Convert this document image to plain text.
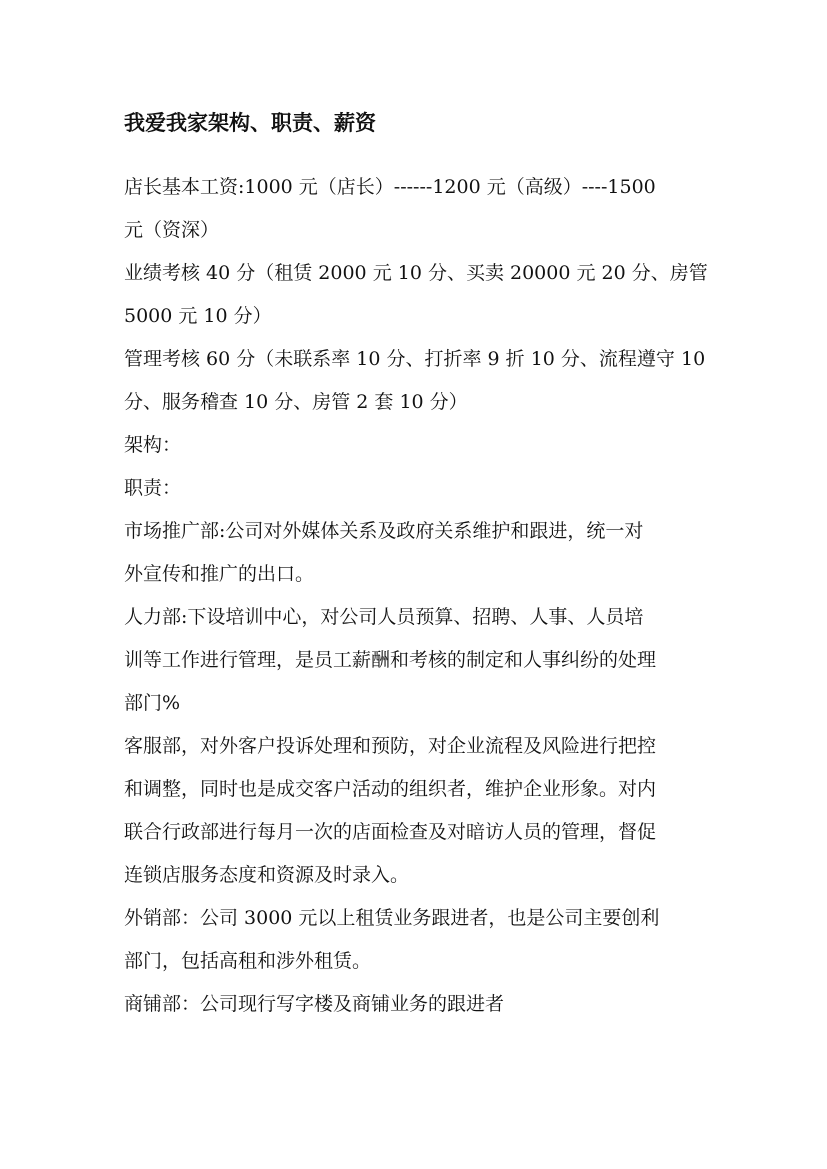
我爱我家架构、职责、薪资

店长基本工资:1000 元（店长）------1200 元（高级）----1500
元（资深）

业绩考核 40 分（租赁 2000 元 10 分、买卖 20000 元 20 分、房管
5000 元 10 分）

管理考核 60 分（未联系率 10 分、打折率 9 折 10 分、流程遵守 10
分、服务稽查 10 分、房管 2 套 10 分）

架构：

职责：

市场推广部:公司对外媒体关系及政府关系维护和跟进，统一对
外宣传和推广的出口。

人力部:下设培训中心，对公司人员预算、招聘、人事、人员培
训等工作进行管理，是员工薪酬和考核的制定和人事纠纷的处理
部门%

客服部，对外客户投诉处理和预防，对企业流程及风险进行把控
和调整，同时也是成交客户活动的组织者，维护企业形象。对内
联合行政部进行每月一次的店面检查及对暗访人员的管理，督促
连锁店服务态度和资源及时录入。

外销部：公司 3000 元以上租赁业务跟进者，也是公司主要创利
部门，包括高租和涉外租赁。

商铺部：公司现行写字楼及商铺业务的跟进者
